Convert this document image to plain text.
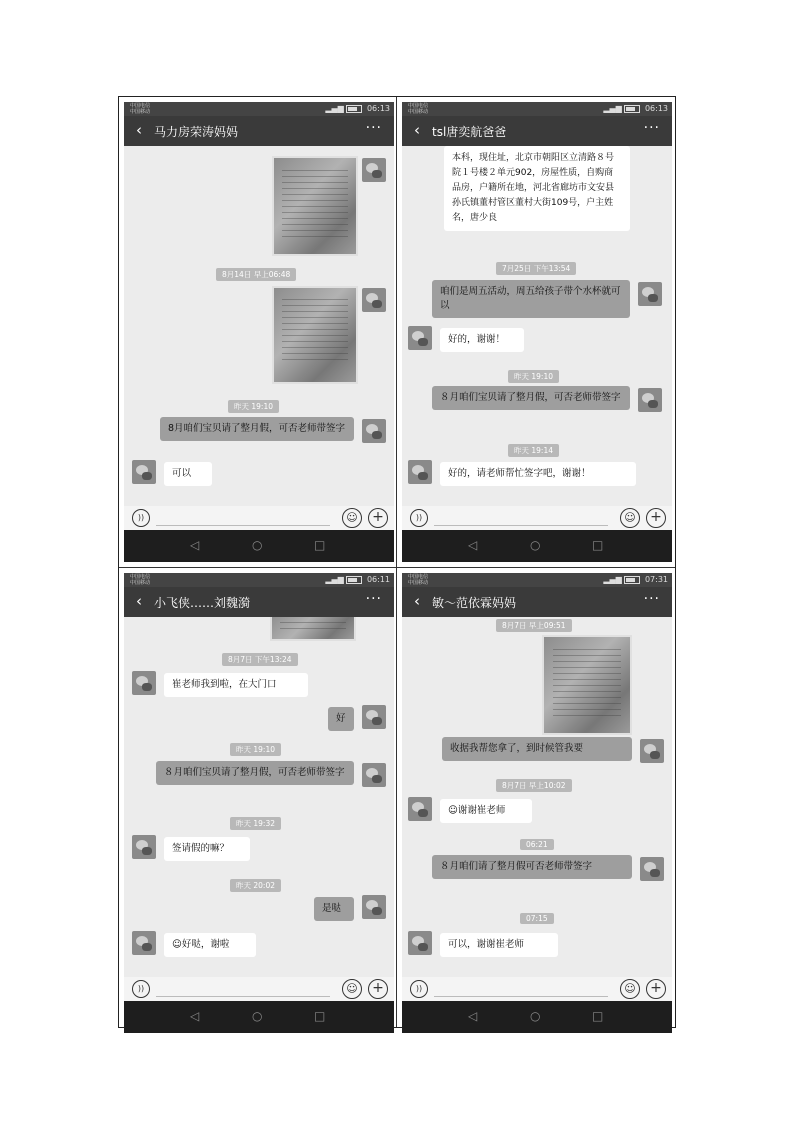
中国电信
中国移动	▂▄▆	06:13
‹ 马力房荣涛妈妈	···
8月14日 早上06:48
昨天 19:10
8月咱们宝贝请了整月假，可否老师带签字
可以
))	☺	+
◁	○	□
中国电信
中国移动	▂▄▆	06:13
‹ tsl唐奕航爸爸	···
本科，现住址，北京市朝阳区立清路８号院１号楼２单元902，房屋性质，自购商品房，户籍所在地，河北省廊坊市文安县孙氏镇董村管区董村大街109号，户主姓名，唐少良
7月25日 下午13:54
咱们是周五活动，周五给孩子带个水杯就可以
好的，谢谢！
昨天 19:10
８月咱们宝贝请了整月假，可否老师带签字
昨天 19:14
好的，请老师帮忙签字吧，谢谢！
))	☺	+
◁	○	□
中国电信
中国移动	▂▄▆	06:11
‹ 小飞侠……刘魏漪	···
8月7日 下午13:24
崔老师我到啦，在大门口
好
昨天 19:10
８月咱们宝贝请了整月假，可否老师带签字
昨天 19:32
签请假的嘛？
昨天 20:02
是哒
☺好哒，谢啦
))	☺	+
◁	○	□
中国电信
中国移动	▂▄▆	07:31
‹ 敏～范依霖妈妈	···
8月7日 早上09:51
收据我帮您拿了，到时候管我要
8月7日 早上10:02
☺谢谢崔老师
06:21
８月咱们请了整月假可否老师带签字
07:15
可以，谢谢崔老师
))	☺	+
◁	○	□
